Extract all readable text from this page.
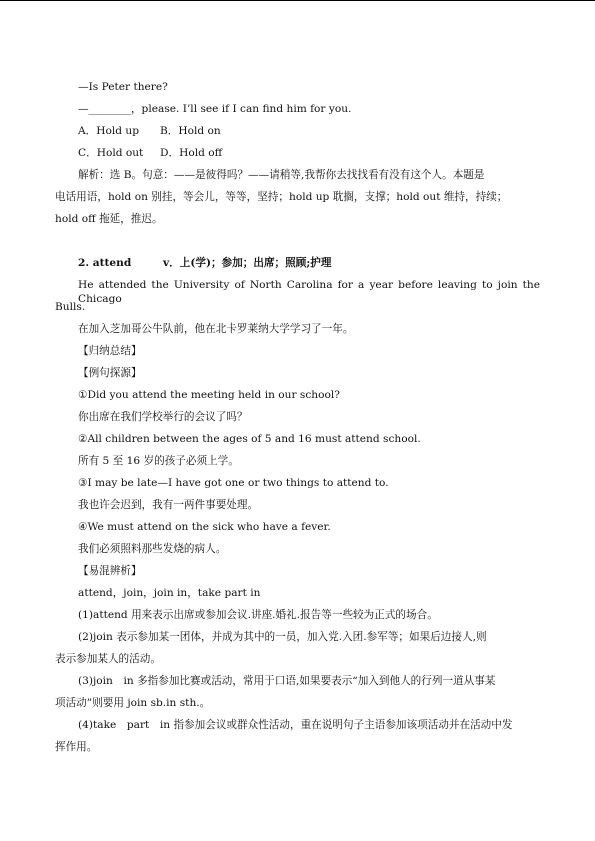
—Is Peter there?
—________，please. I’ll see if I can find him for you.
A．Hold up B．Hold on
C．Hold out D．Hold off
解析：选 B。句意：——是彼得吗？——请稍等,我帮你去找找看有没有这个人。本题是
电话用语，hold on 别挂，等会儿，等等，坚持；hold up 耽搁，支撑；hold out 维持，持续；
hold off 拖延，推迟。
2. attend　　　v．上(学)；参加；出席；照顾;护理
He attended the University of North Carolina for a year before leaving to join the Chicago
Bulls.
在加入芝加哥公牛队前，他在北卡罗莱纳大学学习了一年。
【归纳总结】
【例句探源】
①Did you attend the meeting held in our school?
你出席在我们学校举行的会议了吗？
②All children between the ages of 5 and 16 must attend school.
所有 5 至 16 岁的孩子必须上学。
③I may be late—I have got one or two things to attend to.
我也许会迟到，我有一两件事要处理。
④We must attend on the sick who have a fever.
我们必须照料那些发烧的病人。
【易混辨析】
attend，join，join in，take part in
(1)attend 用来表示出席或参加会议.讲座.婚礼.报告等一些较为正式的场合。
(2)join 表示参加某一团体，并成为其中的一员，加入党.入团.参军等；如果后边接人,则
表示参加某人的活动。
(3)join　in 多指参加比赛或活动，常用于口语,如果要表示“加入到他人的行列一道从事某
项活动”则要用 join sb.in sth.。
(4)take　part　in 指参加会议或群众性活动，重在说明句子主语参加该项活动并在活动中发
挥作用。
